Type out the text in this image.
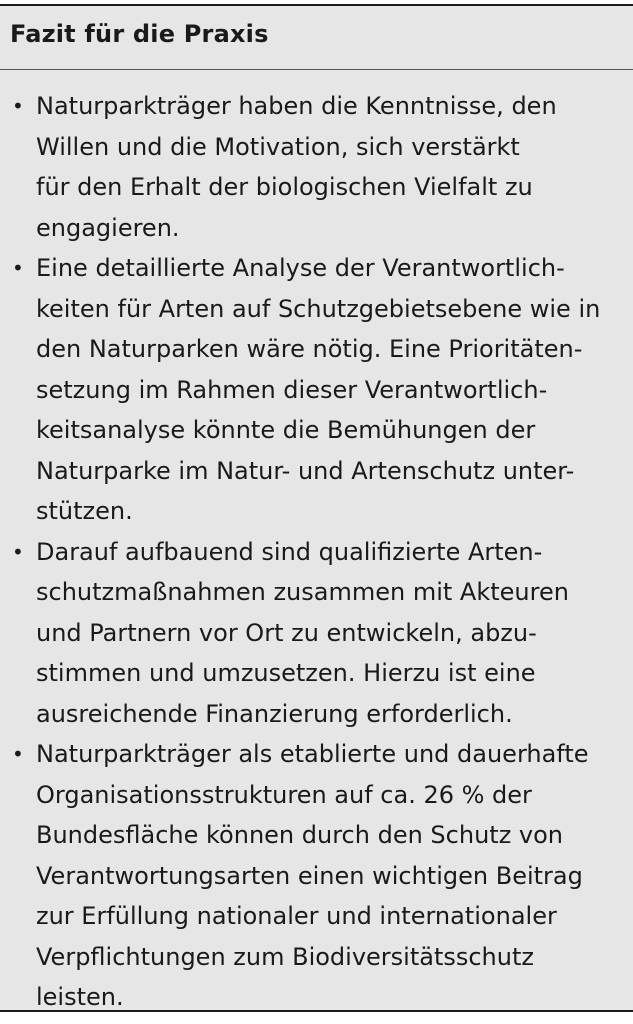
Fazit für die Praxis
• Naturparkträger haben die Kenntnisse, den
Willen und die Motivation, sich verstärkt
für den Erhalt der biologischen Vielfalt zu
engagieren.
• Eine detaillierte Analyse der Verantwortlich-
keiten für Arten auf Schutzgebietsebene wie in
den Naturparken wäre nötig. Eine Prioritäten-
setzung im Rahmen dieser Verantwortlich-
keitsanalyse könnte die Bemühungen der
Naturparke im Natur- und Artenschutz unter-
stützen.
• Darauf aufbauend sind qualifizierte Arten-
schutzmaßnahmen zusammen mit Akteuren
und Partnern vor Ort zu entwickeln, abzu-
stimmen und umzusetzen. Hierzu ist eine
ausreichende Finanzierung erforderlich.
• Naturparkträger als etablierte und dauerhafte
Organisationsstrukturen auf ca. 26 % der
Bundesfläche können durch den Schutz von
Verantwortungsarten einen wichtigen Beitrag
zur Erfüllung nationaler und internationaler
Verpflichtungen zum Biodiversitätsschutz
leisten.
